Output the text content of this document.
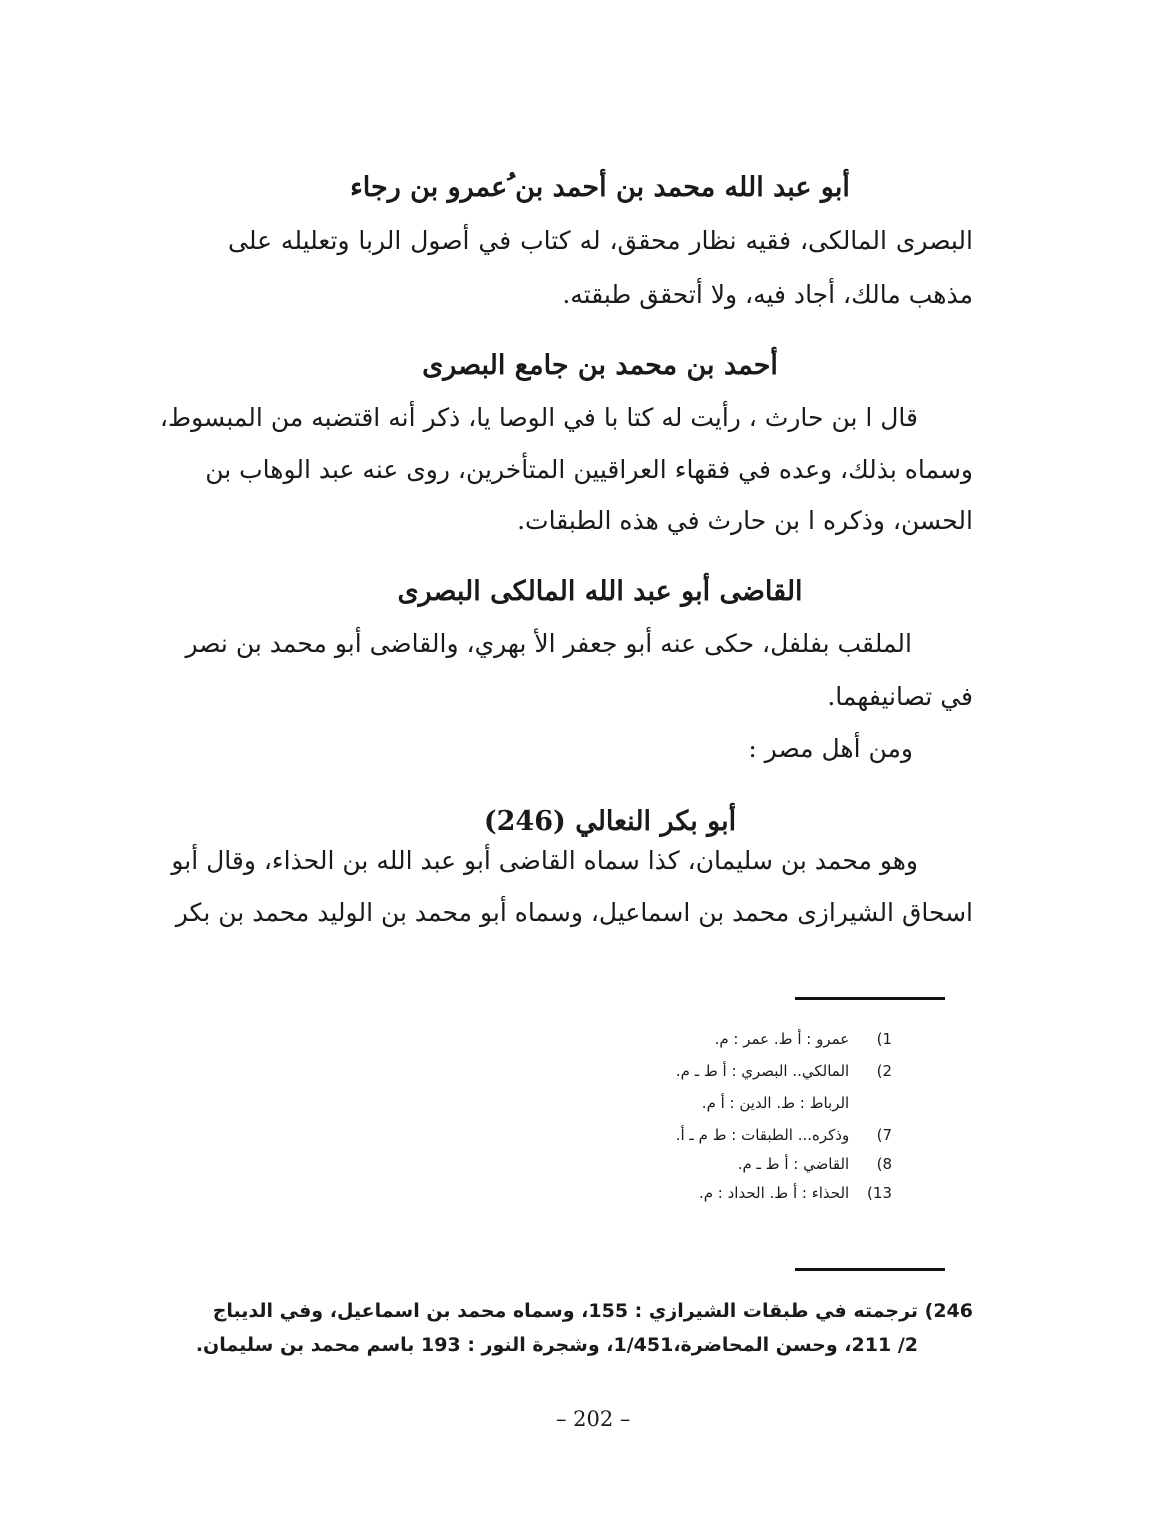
أبو عبد الله محمد بن أحمد بن ُعمرو بن رجاء
البصرى المالكى، فقيه نظار محقق، له كتاب في أصول الربا وتعليله على
مذهب مالك، أجاد فيه، ولا أتحقق طبقته.
أحمد بن محمد بن جامع البصرى
قال ا بن حارث ، رأيت له كتا با في الوصا يا، ذكر أنه اقتضبه من المبسوط،
وسماه بذلك، وعده في فقهاء العراقيين المتأخرين، روى عنه عبد الوهاب بن
الحسن، وذكره ا بن حارث في هذه الطبقات.
القاضى أبو عبد الله المالكى البصرى
الملقب بفلفل، حكى عنه أبو جعفر الأ بهري، والقاضى أبو محمد بن نصر
في تصانيفهما.
ومن أهل مصر :
أبو بكر النعالي (246)
وهو محمد بن سليمان، كذا سماه القاضى أبو عبد الله بن الحذاء، وقال أبو
اسحاق الشيرازى محمد بن اسماعيل، وسماه أبو محمد بن الوليد محمد بن بكر
1) عمرو : أ ط. عمر : م.
2) المالكي.. البصري : أ ط ـ م.
الرباط : ط. الدين : أ م.
7) وذكره... الطبقات : ط م ـ أ.
8) القاضي : أ ط ـ م.
13) الحذاء : أ ط. الحداد : م.
246) ترجمته في طبقات الشيرازي : 155، وسماه محمد بن اسماعيل، وفي الديباج
2/ 211، وحسن المحاضرة،1/451، وشجرة النور : 193 باسم محمد بن سليمان.
– 202 –
